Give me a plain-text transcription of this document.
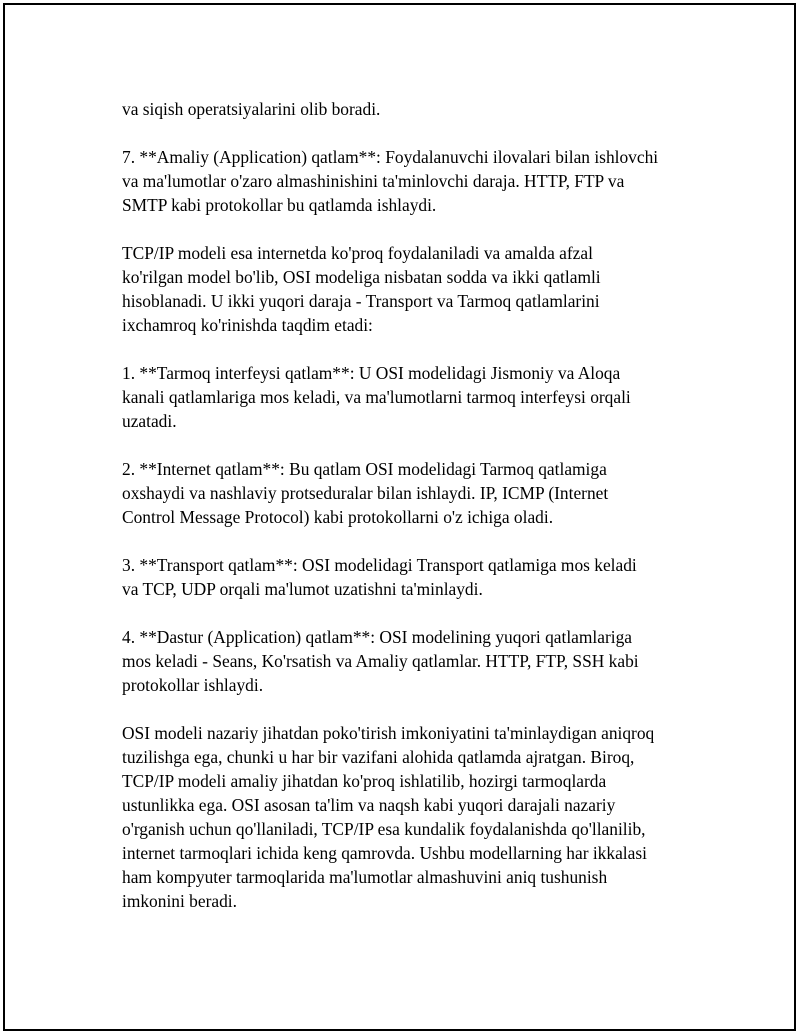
va siqish operatsiyalarini olib boradi.

7. **Amaliy (Application) qatlam**: Foydalanuvchi ilovalari bilan ishlovchi
va ma'lumotlar o'zaro almashinishini ta'minlovchi daraja. HTTP, FTP va
SMTP kabi protokollar bu qatlamda ishlaydi.

TCP/IP modeli esa internetda ko'proq foydalaniladi va amalda afzal
ko'rilgan model bo'lib, OSI modeliga nisbatan sodda va ikki qatlamli
hisoblanadi. U ikki yuqori daraja - Transport va Tarmoq qatlamlarini
ixchamroq ko'rinishda taqdim etadi:

1. **Tarmoq interfeysi qatlam**: U OSI modelidagi Jismoniy va Aloqa
kanali qatlamlariga mos keladi, va ma'lumotlarni tarmoq interfeysi orqali
uzatadi.

2. **Internet qatlam**: Bu qatlam OSI modelidagi Tarmoq qatlamiga
oxshaydi va nashlaviy protseduralar bilan ishlaydi. IP, ICMP (Internet
Control Message Protocol) kabi protokollarni o'z ichiga oladi.

3. **Transport qatlam**: OSI modelidagi Transport qatlamiga mos keladi
va TCP, UDP orqali ma'lumot uzatishni ta'minlaydi.

4. **Dastur (Application) qatlam**: OSI modelining yuqori qatlamlariga
mos keladi - Seans, Ko'rsatish va Amaliy qatlamlar. HTTP, FTP, SSH kabi
protokollar ishlaydi.

OSI modeli nazariy jihatdan poko'tirish imkoniyatini ta'minlaydigan aniqroq
tuzilishga ega, chunki u har bir vazifani alohida qatlamda ajratgan. Biroq,
TCP/IP modeli amaliy jihatdan ko'proq ishlatilib, hozirgi tarmoqlarda
ustunlikka ega. OSI asosan ta'lim va naqsh kabi yuqori darajali nazariy
o'rganish uchun qo'llaniladi, TCP/IP esa kundalik foydalanishda qo'llanilib,
internet tarmoqlari ichida keng qamrovda. Ushbu modellarning har ikkalasi
ham kompyuter tarmoqlarida ma'lumotlar almashuvini aniq tushunish
imkonini beradi.
